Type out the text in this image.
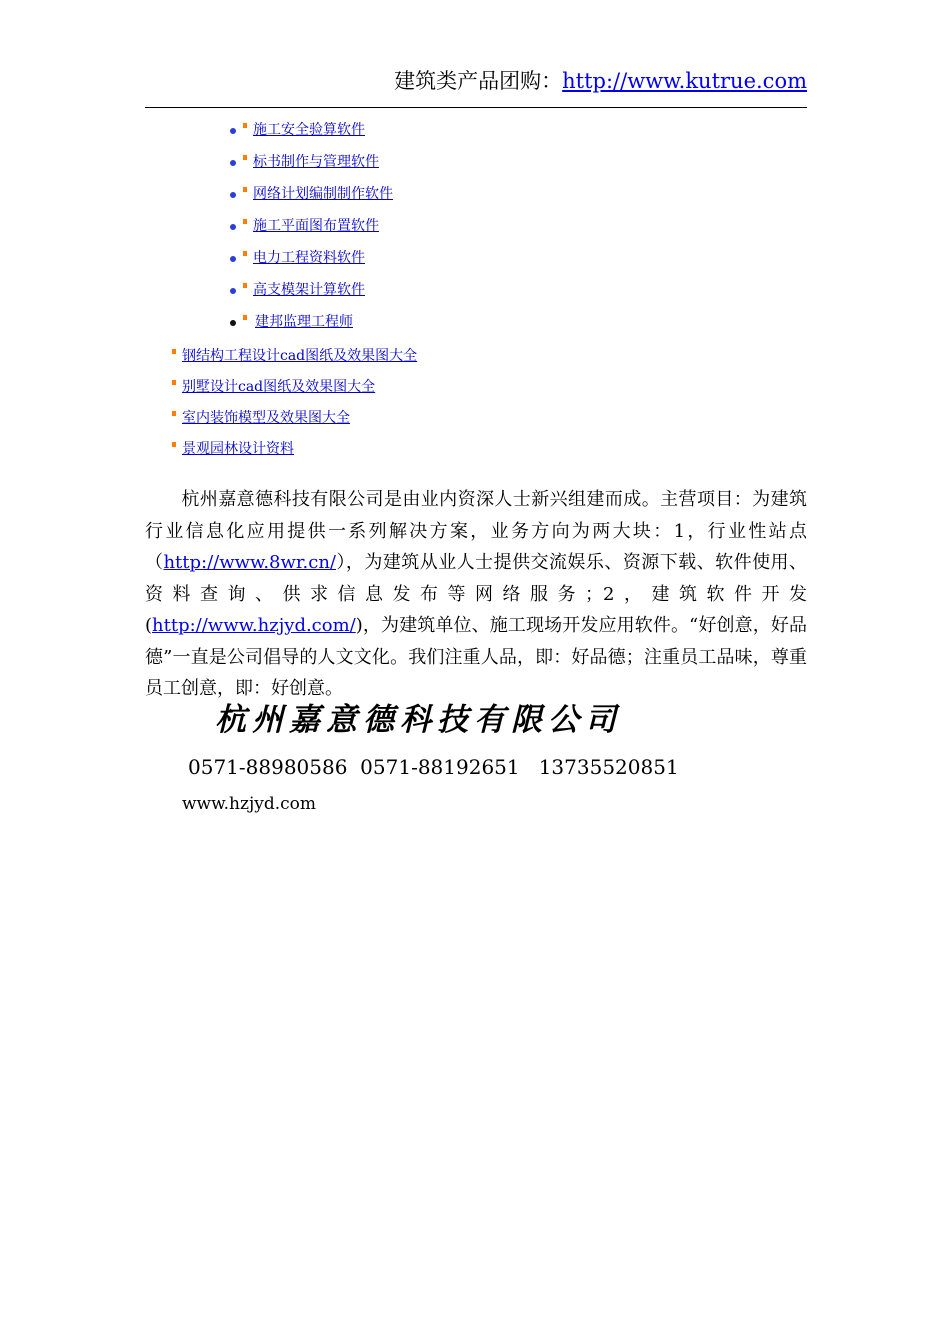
建筑类产品团购：http://www.kutrue.com
施工安全验算软件
标书制作与管理软件
网络计划编制制作软件
施工平面图布置软件
电力工程资料软件
高支模架计算软件
建邦监理工程师
钢结构工程设计cad图纸及效果图大全
别墅设计cad图纸及效果图大全
室内装饰模型及效果图大全
景观园林设计资料
杭州嘉意德科技有限公司是由业内资深人士新兴组建而成。主营项目：为建筑行业信息化应用提供一系列解决方案，业务方向为两大块：1，行业性站点（http://www.8wr.cn/），为建筑从业人士提供交流娱乐、资源下载、软件使用、资料查询、供求信息发布等网络服务；2，建筑软件开发(http://www.hzjyd.com/)，为建筑单位、施工现场开发应用软件。“好创意，好品德”一直是公司倡导的人文文化。我们注重人品，即：好品德；注重员工品味，尊重员工创意，即：好创意。
杭州嘉意德科技有限公司
0571-88980586  0571-88192651   13735520851
www.hzjyd.com
